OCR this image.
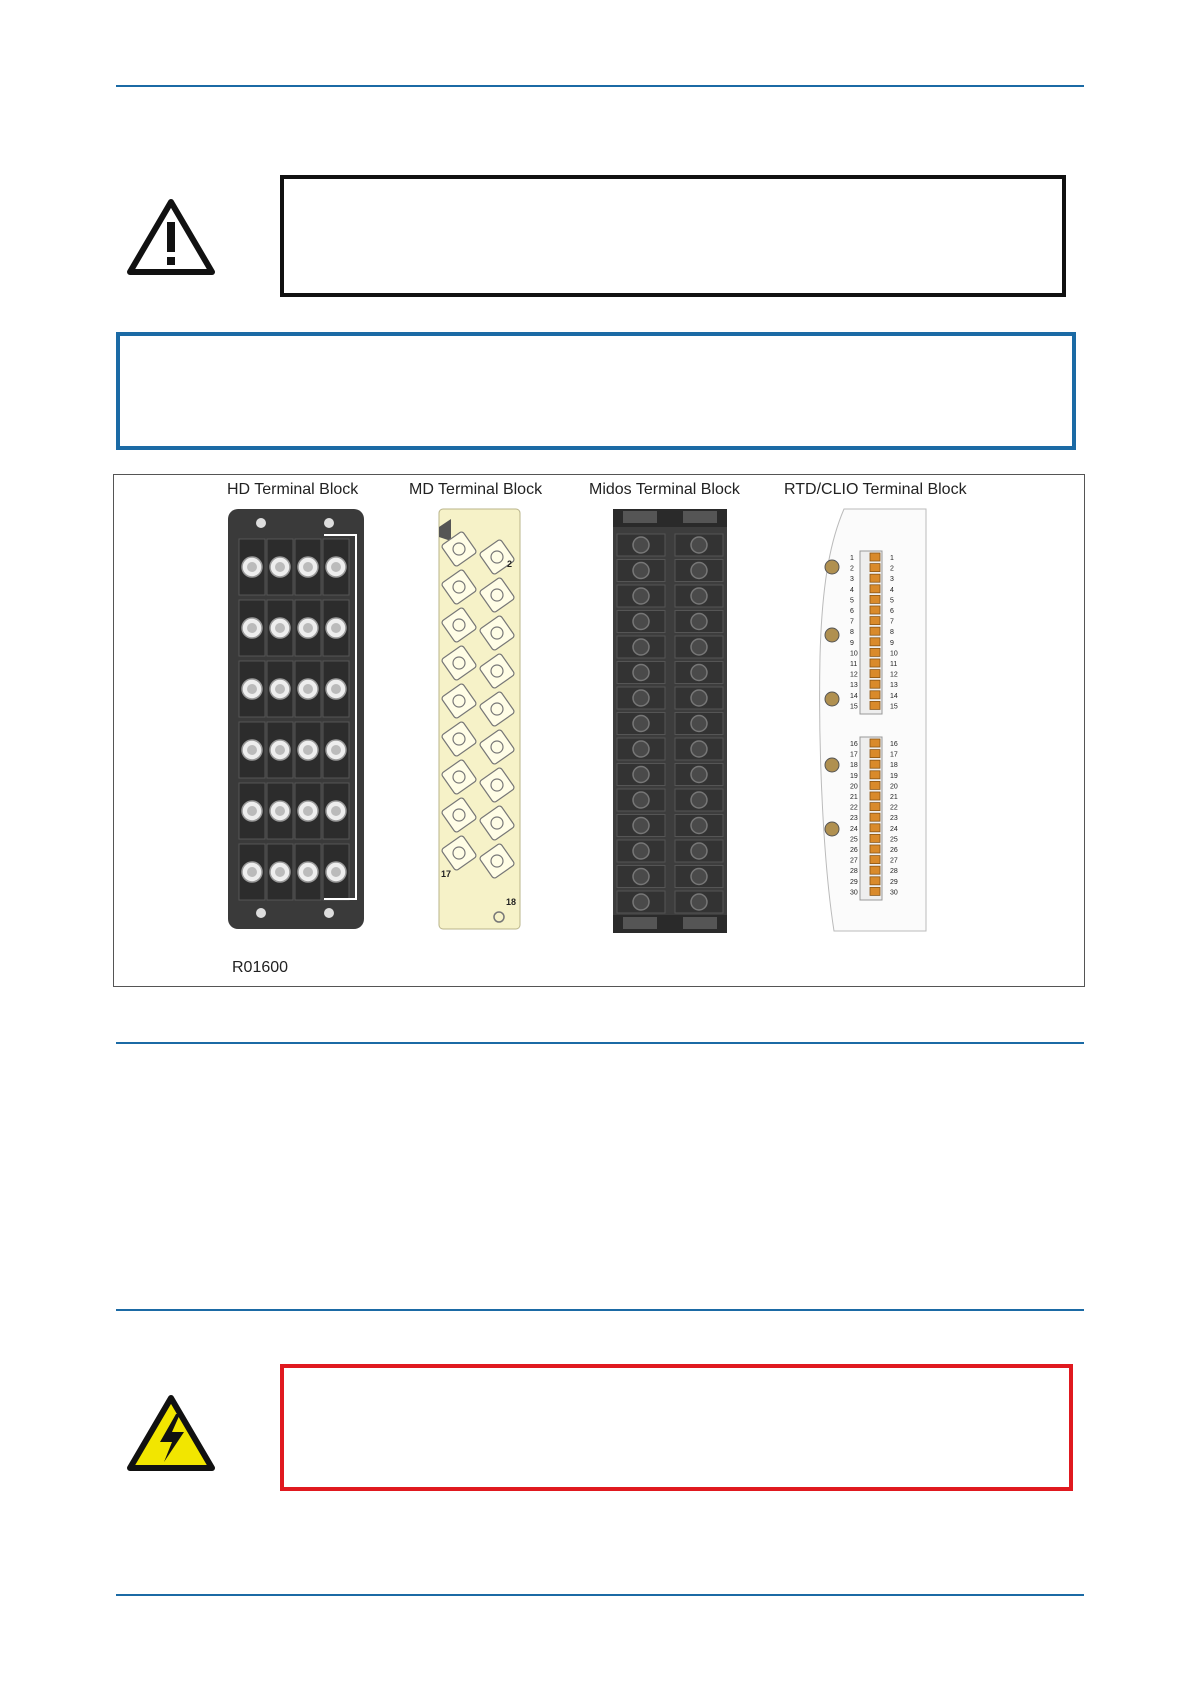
HD Terminal Block	MD Terminal Block	Midos Terminal Block	RTD/CLIO Terminal Block
2
17
18
1	1
2	2
3	3
4	4
5	5
6	6
7	7
8	8
9	9
10	10
11	11
12	12
13	13
14	14
15	15
16	16
17	17
18	18
19	19
20	20
21	21
22	22
23	23
24	24
25	25
26	26
27	27
28	28
29	29
30	30
R01600
